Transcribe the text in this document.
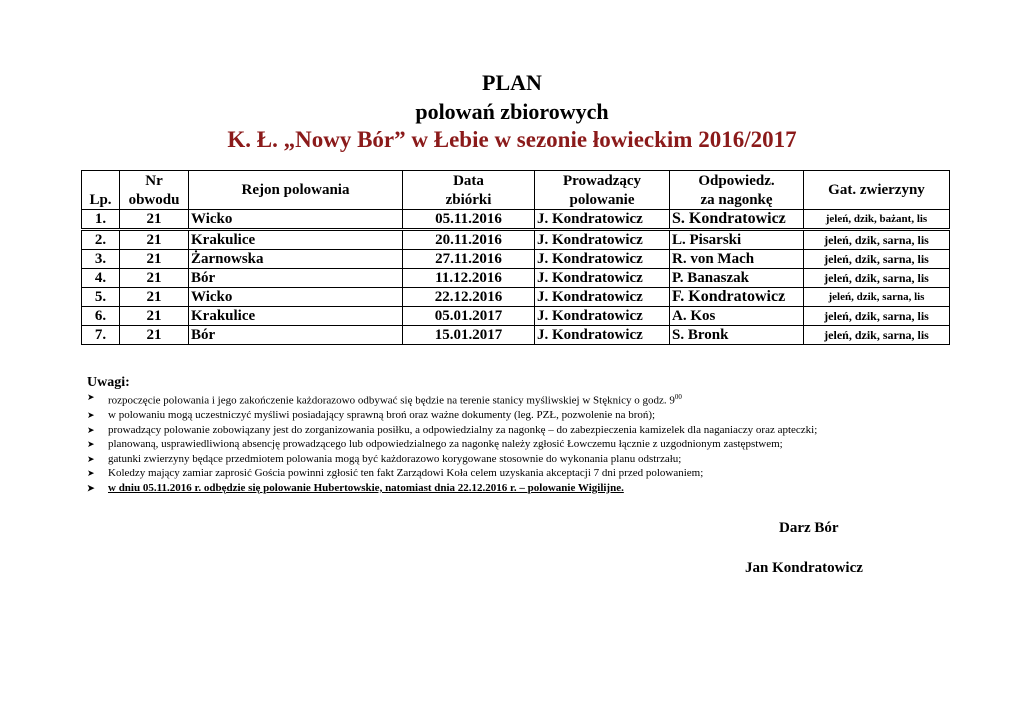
PLAN
polowań zbiorowych
K. Ł. „Nowy Bór” w Łebie w sezonie łowieckim 2016/2017
Lp.	Nr	Rejon polowania	Data	Prowadzący	Odpowiedz.	Gat. zwierzyny
	obwodu		zbiórki	polowanie	za nagonkę	
1.	21	Wicko	05.11.2016	J. Kondratowicz	S. Kondratowicz	jeleń, dzik, bażant, lis
2.	21	Krakulice	20.11.2016	J. Kondratowicz	L. Pisarski	jeleń, dzik, sarna, lis
3.	21	Żarnowska	27.11.2016	J. Kondratowicz	R. von Mach	jeleń, dzik, sarna, lis
4.	21	Bór	11.12.2016	J. Kondratowicz	P. Banaszak	jeleń, dzik, sarna, lis
5.	21	Wicko	22.12.2016	J. Kondratowicz	F. Kondratowicz	jeleń, dzik, sarna, lis
6.	21	Krakulice	05.01.2017	J. Kondratowicz	A. Kos	jeleń, dzik, sarna, lis
7.	21	Bór	15.01.2017	J. Kondratowicz	S. Bronk	jeleń, dzik, sarna, lis
Uwagi:
➤ rozpoczęcie polowania i jego zakończenie każdorazowo odbywać się będzie na terenie stanicy myśliwskiej w Stęknicy o godz. $9^{00}$
➤ w polowaniu mogą uczestniczyć myśliwi posiadający sprawną broń oraz ważne dokumenty (leg. PZŁ, pozwolenie na broń);
➤ prowadzący polowanie zobowiązany jest do zorganizowania posiłku, a odpowiedzialny za nagonkę – do zabezpieczenia kamizelek dla naganiaczy oraz apteczki;
➤ planowaną, usprawiedliwioną absencję prowadzącego lub odpowiedzialnego za nagonkę należy zgłosić Łowczemu łącznie z uzgodnionym zastępstwem;
➤ gatunki zwierzyny będące przedmiotem polowania mogą być każdorazowo korygowane stosownie do wykonania planu odstrzału;
➤ Koledzy mający zamiar zaprosić Gościa powinni zgłosić ten fakt Zarządowi Koła celem uzyskania akceptacji 7 dni przed polowaniem;
➤ w dniu 05.11.2016 r. odbędzie się polowanie Hubertowskie, natomiast dnia 22.12.2016 r. – polowanie Wigilijne.
Darz Bór
Jan Kondratowicz
